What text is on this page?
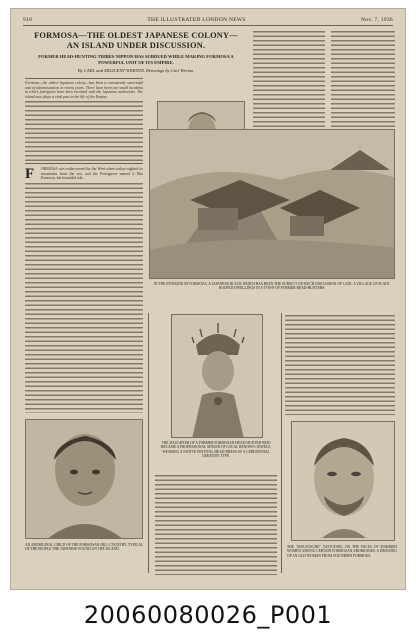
918	THE ILLUSTRATED LONDON NEWS	Nov. 7, 1936
FORMOSA—THE OLDEST JAPANESE COLONY—
AN ISLAND UNDER DISCUSSION.
FORMER HEAD-HUNTING TRIBES NIPPON HAS SUBDUED WHILE MAKING FORMOSA A POWERFUL UNIT OF ITS EMPIRE.
By CARL and MILICENT WERNTZ. Drawings by Carl Werntz.
Formosa—the oldest Japanese colony—has been a consistently successful unit of administration in recent years. There have been two small incidents in which foreigners have been involved with the Japanese authorities. The island now plays a vital part in the life of the Empire.
IN THE INTERIOR OF FORMOSA, A JAPANESE BLACK WHICH HAS BEEN THE SUBJECT OF MUCH DISCUSSION OF LATE: A VILLAGE OF SLATE-ROOFED DWELLINGS IN A TOWN OF FORMER HEAD-HUNTERS.
F ORMOSA was rediscovered by the West when sailors sighted its mountains from the sea, and the Portuguese named it Ilha Formosa, the beautiful isle.
THE DAUGHTER OF A FORMER FORMOSAN HEAD-HUNTER WHO BECAME A PROFESSIONAL SINGER OF LOCAL RENOWN: JEWELS, WEARING A NATIVE FESTIVAL HEAD-DRESS OF A CEREMONIAL CREATIVE TYPE.
AN ABORIGINAL CHILD OF THE FORMOSAN HILL COUNTRY, TYPICAL OF THE PEOPLE THE JAPANESE FOUND ON THE ISLAND.
THE "MOUSTACHE" TATTOOING ON THE FACES OF MARRIED WOMEN AMONG CERTAIN FORMOSAN ABORIGINES: A DRAWING OF AN OLD WOMAN FROM SOUTHERN FORMOSA.
20060080026_P001
